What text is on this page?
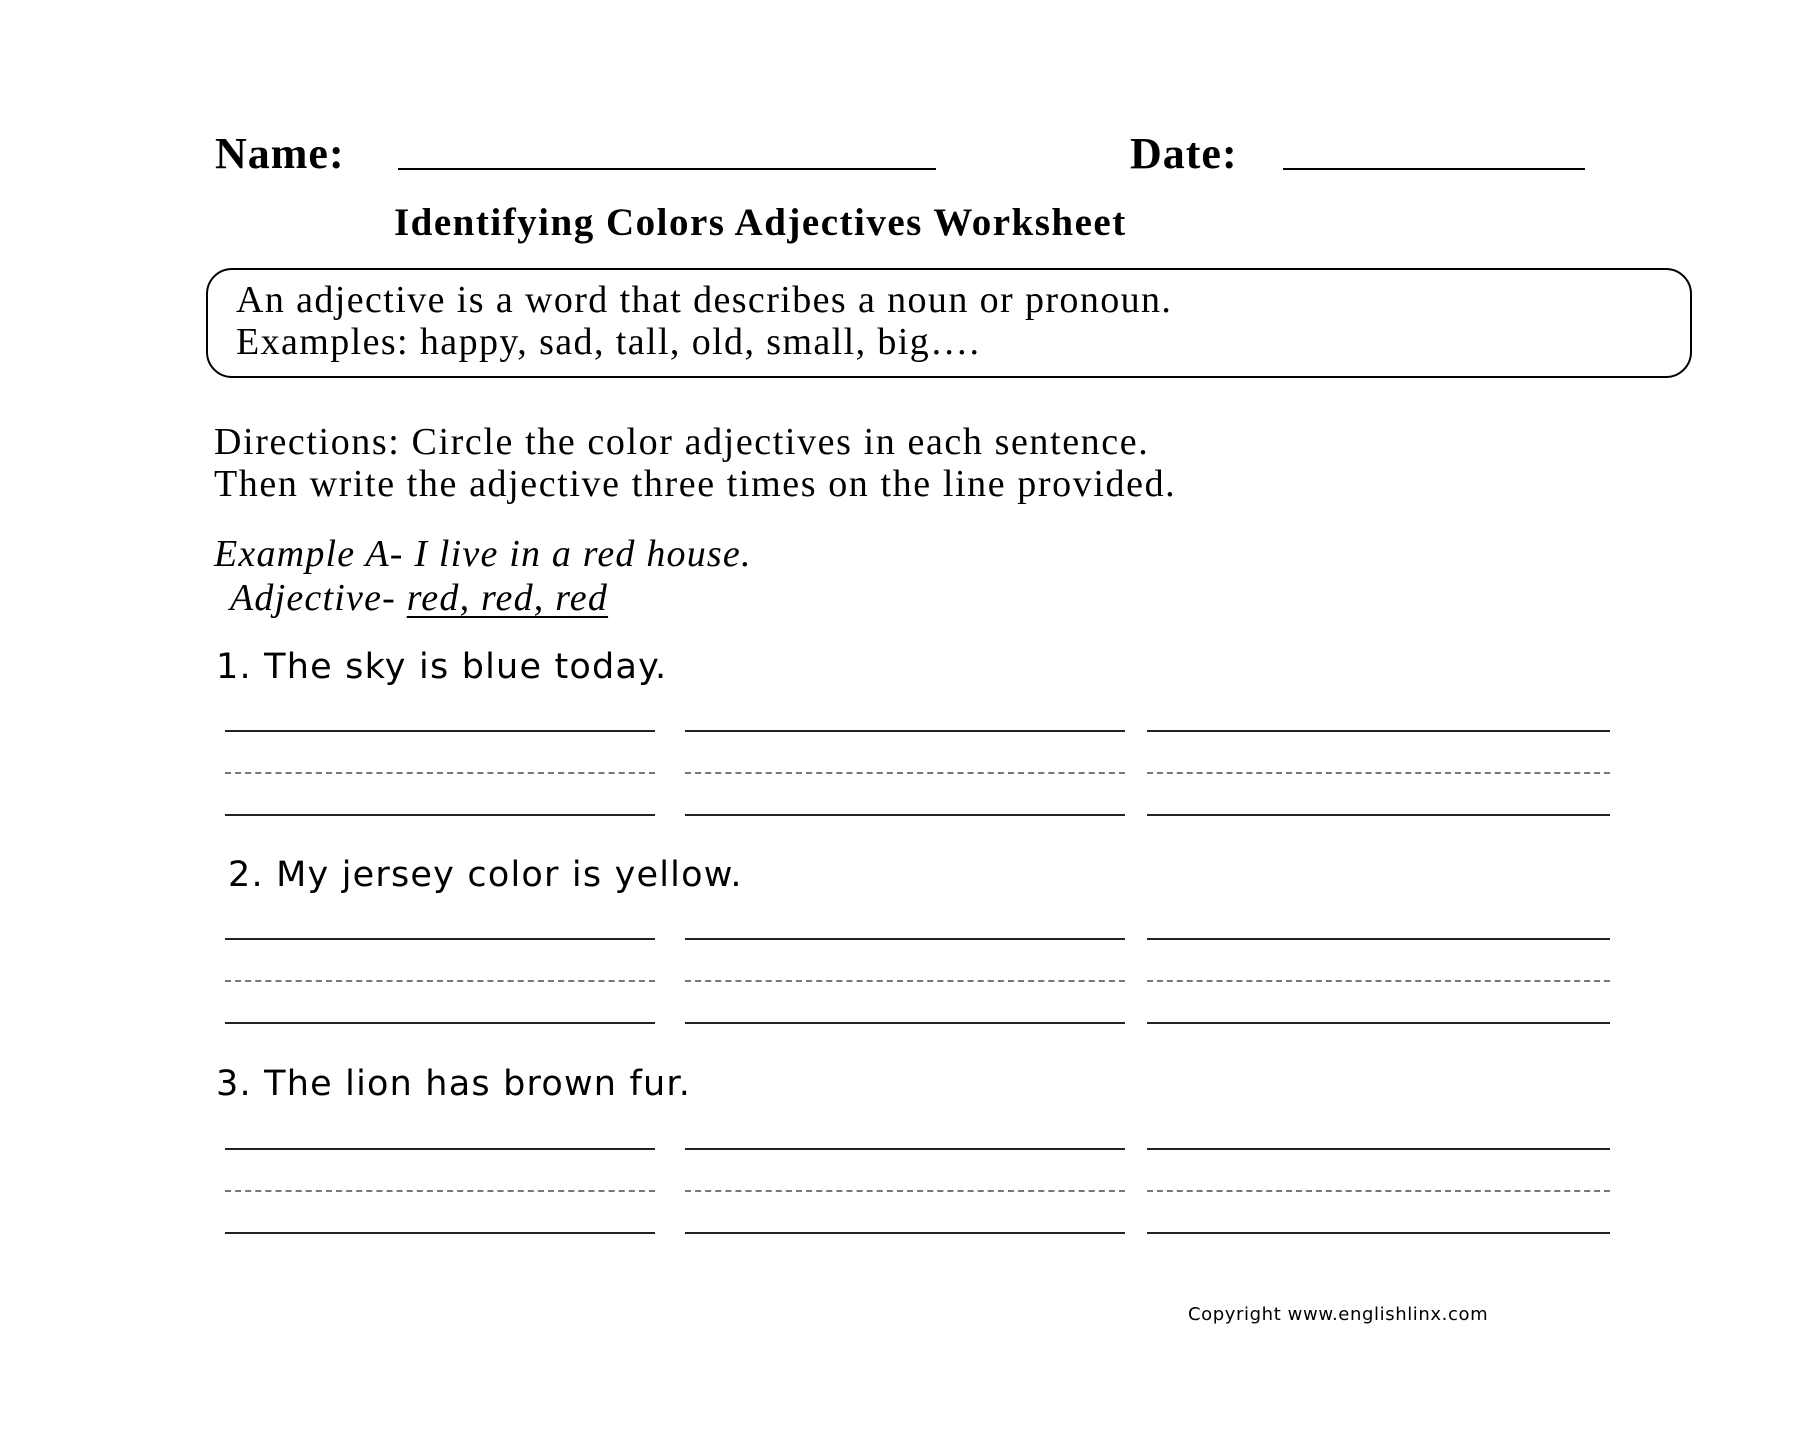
Name:	Date:
Identifying Colors Adjectives Worksheet
An adjective is a word that describes a noun or pronoun.
Examples: happy, sad, tall, old, small, big….
Directions: Circle the color adjectives in each sentence.
Then write the adjective three times on the line provided.
Example A- I live in a red house.
Adjective- red, red, red
1. The sky is blue today.
2. My jersey color is yellow.
3. The lion has brown fur.
Copyright www.englishlinx.com
